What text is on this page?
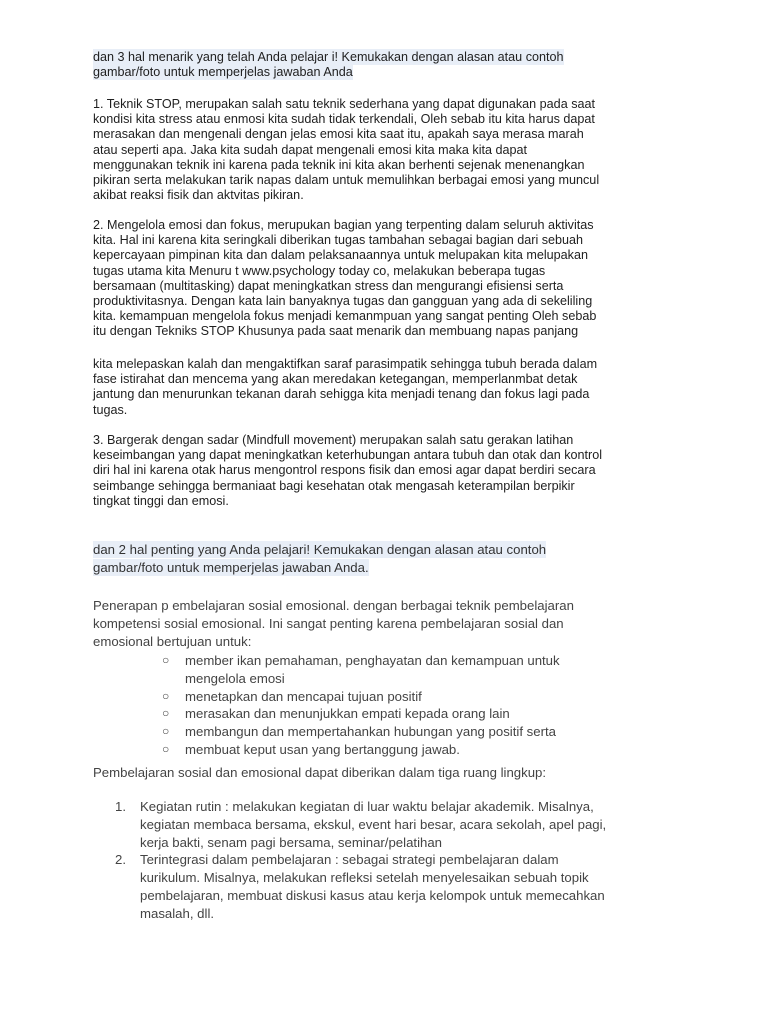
dan 3 hal menarik yang telah Anda pelajar i! Kemukakan dengan alasan atau contoh
gambar/foto untuk memperjelas jawaban Anda

1. Teknik STOP, merupakan salah satu teknik sederhana yang dapat digunakan pada saat
kondisi kita stress atau enmosi kita sudah tidak terkendali, Oleh sebab itu kita harus dapat
merasakan dan mengenali dengan jelas emosi kita saat itu, apakah saya merasa marah
atau seperti apa. Jaka kita sudah dapat mengenali emosi kita maka kita dapat
menggunakan teknik ini karena pada teknik ini kita akan berhenti sejenak menenangkan
pikiran serta melakukan tarik napas dalam untuk memulihkan berbagai emosi yang muncul
akibat reaksi fisik dan aktvitas pikiran.

2. Mengelola emosi dan fokus, merupukan bagian yang terpenting dalam seluruh aktivitas
kita. Hal ini karena kita seringkali diberikan tugas tambahan sebagai bagian dari sebuah
kepercayaan pimpinan kita dan dalam pelaksanaannya untuk melupakan kita melupakan
tugas utama kita Menuru t www.psychology today co, melakukan beberapa tugas
bersamaan (multitasking) dapat meningkatkan stress dan mengurangi efisiensi serta
produktivitasnya. Dengan kata lain banyaknya tugas dan gangguan yang ada di sekeliling
kita. kemampuan mengelola fokus menjadi kemanmpuan yang sangat penting Oleh sebab
itu dengan Tekniks STOP Khusunya pada saat menarik dan membuang napas panjang

kita melepaskan kalah dan mengaktifkan saraf parasimpatik sehingga tubuh berada dalam
fase istirahat dan mencema yang akan meredakan ketegangan, memperlanmbat detak
jantung dan menurunkan tekanan darah sehigga kita menjadi tenang dan fokus lagi pada
tugas.

3. Bargerak dengan sadar (Mindfull movement) merupakan salah satu gerakan latihan
keseimbangan yang dapat meningkatkan keterhubungan antara tubuh dan otak dan kontrol
diri hal ini karena otak harus mengontrol respons fisik dan emosi agar dapat berdiri secara
seimbange sehingga bermaniaat bagi kesehatan otak mengasah keterampilan berpikir
tingkat tinggi dan emosi.

dan 2 hal penting yang Anda pelajari! Kemukakan dengan alasan atau contoh
gambar/foto untuk memperjelas jawaban Anda.

Penerapan p embelajaran sosial emosional. dengan berbagai teknik pembelajaran
kompetensi sosial emosional. Ini sangat penting karena pembelajaran sosial dan
emosional bertujuan untuk:

○ member ikan pemahaman, penghayatan dan kemampuan untuk
mengelola emosi
○ menetapkan dan mencapai tujuan positif
○ merasakan dan menunjukkan empati kepada orang lain
○ membangun dan mempertahankan hubungan yang positif serta
○ membuat keput usan yang bertanggung jawab.

Pembelajaran sosial dan emosional dapat diberikan dalam tiga ruang lingkup:

1. Kegiatan rutin : melakukan kegiatan di luar waktu belajar akademik. Misalnya,
kegiatan membaca bersama, ekskul, event hari besar, acara sekolah, apel pagi,
kerja bakti, senam pagi bersama, seminar/pelatihan
2. Terintegrasi dalam pembelajaran : sebagai strategi pembelajaran dalam
kurikulum. Misalnya, melakukan refleksi setelah menyelesaikan sebuah topik
pembelajaran, membuat diskusi kasus atau kerja kelompok untuk memecahkan
masalah, dll.
